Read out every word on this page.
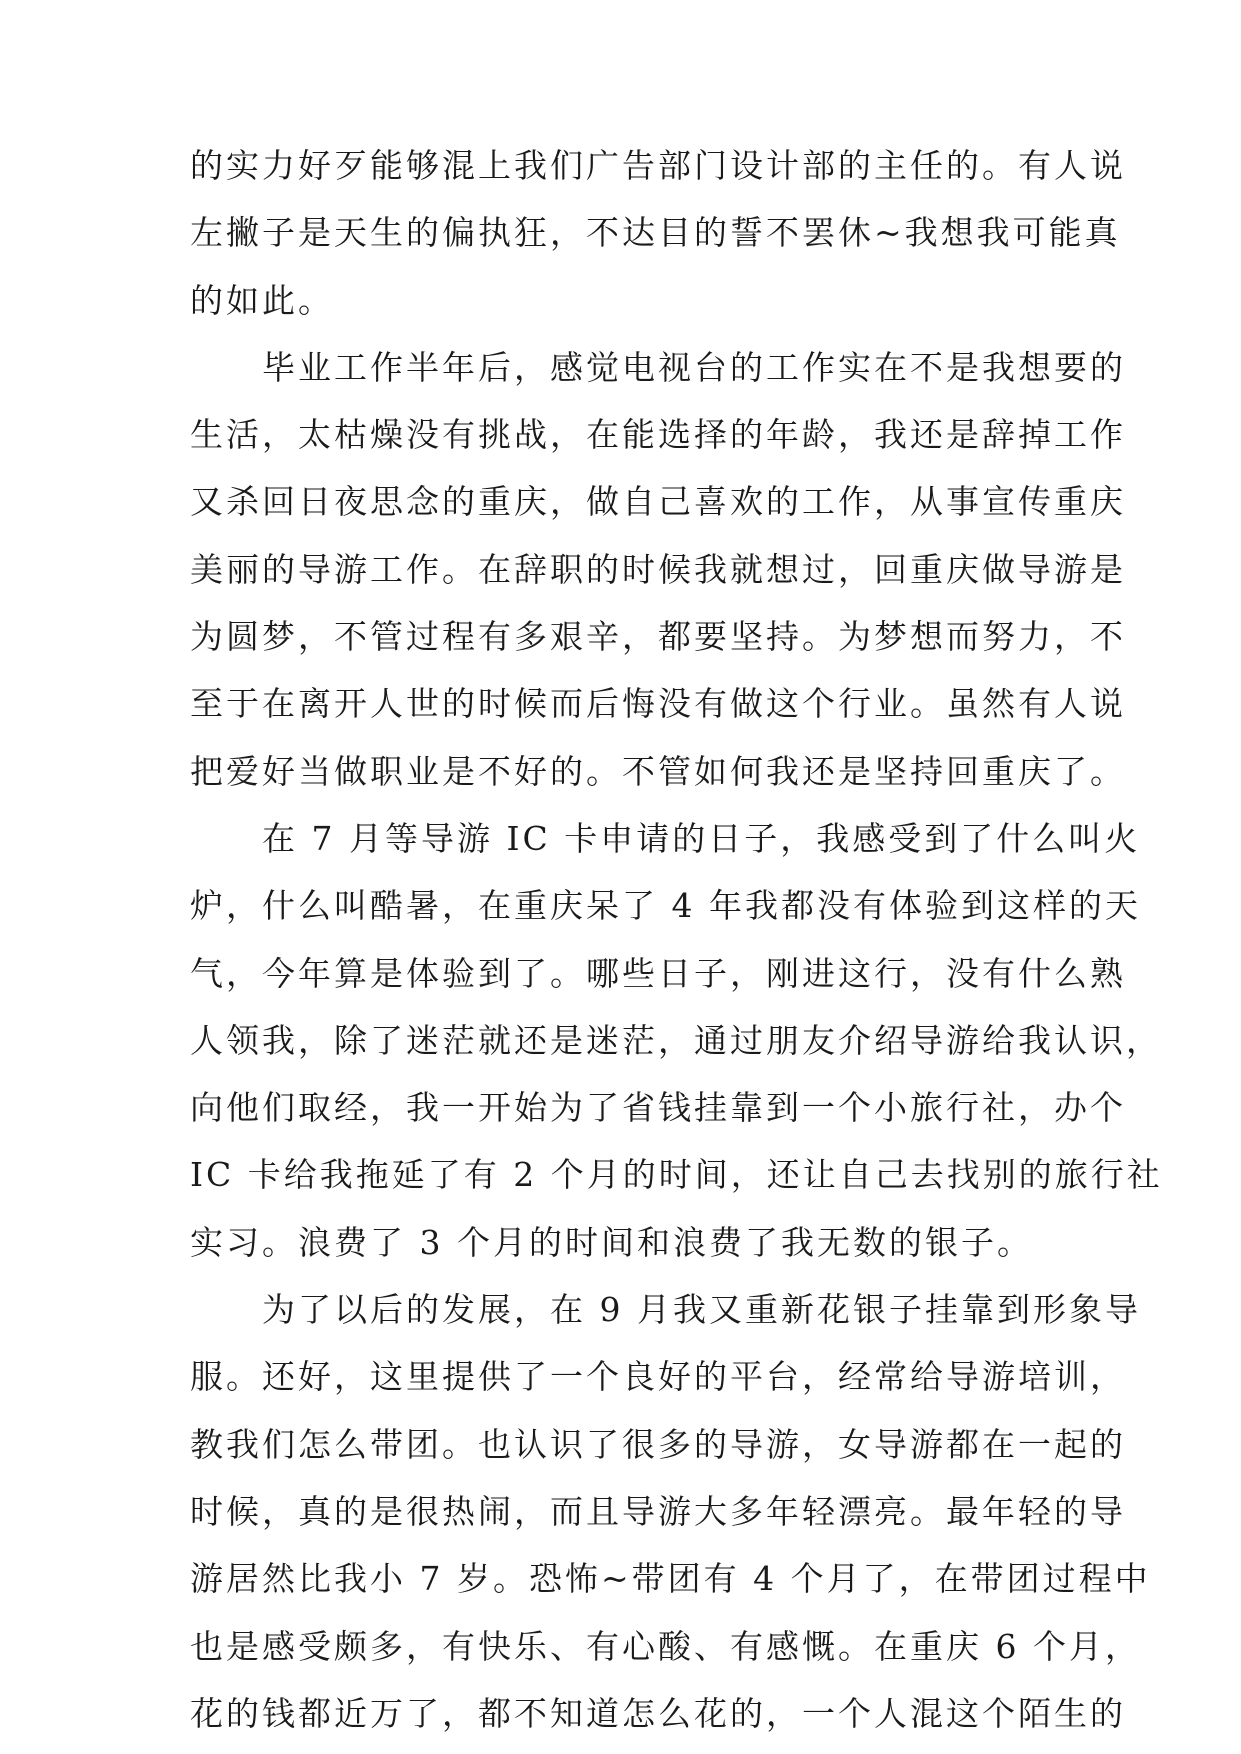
的实力好歹能够混上我们广告部门设计部的主任的。有人说
左撇子是天生的偏执狂，不达目的誓不罢休~我想我可能真
的如此。
　　毕业工作半年后，感觉电视台的工作实在不是我想要的
生活，太枯燥没有挑战，在能选择的年龄，我还是辞掉工作
又杀回日夜思念的重庆，做自己喜欢的工作，从事宣传重庆
美丽的导游工作。在辞职的时候我就想过，回重庆做导游是
为圆梦，不管过程有多艰辛，都要坚持。为梦想而努力，不
至于在离开人世的时候而后悔没有做这个行业。虽然有人说
把爱好当做职业是不好的。不管如何我还是坚持回重庆了。
　　在 7 月等导游 IC 卡申请的日子，我感受到了什么叫火
炉，什么叫酷暑，在重庆呆了 4 年我都没有体验到这样的天
气，今年算是体验到了。哪些日子，刚进这行，没有什么熟
人领我，除了迷茫就还是迷茫，通过朋友介绍导游给我认识，
向他们取经，我一开始为了省钱挂靠到一个小旅行社，办个
IC 卡给我拖延了有 2 个月的时间，还让自己去找别的旅行社
实习。浪费了 3 个月的时间和浪费了我无数的银子。
　　为了以后的发展，在 9 月我又重新花银子挂靠到形象导
服。还好，这里提供了一个良好的平台，经常给导游培训，
教我们怎么带团。也认识了很多的导游，女导游都在一起的
时候，真的是很热闹，而且导游大多年轻漂亮。最年轻的导
游居然比我小 7 岁。恐怖~带团有 4 个月了，在带团过程中
也是感受颇多，有快乐、有心酸、有感慨。在重庆 6 个月，
花的钱都近万了，都不知道怎么花的，一个人混这个陌生的
